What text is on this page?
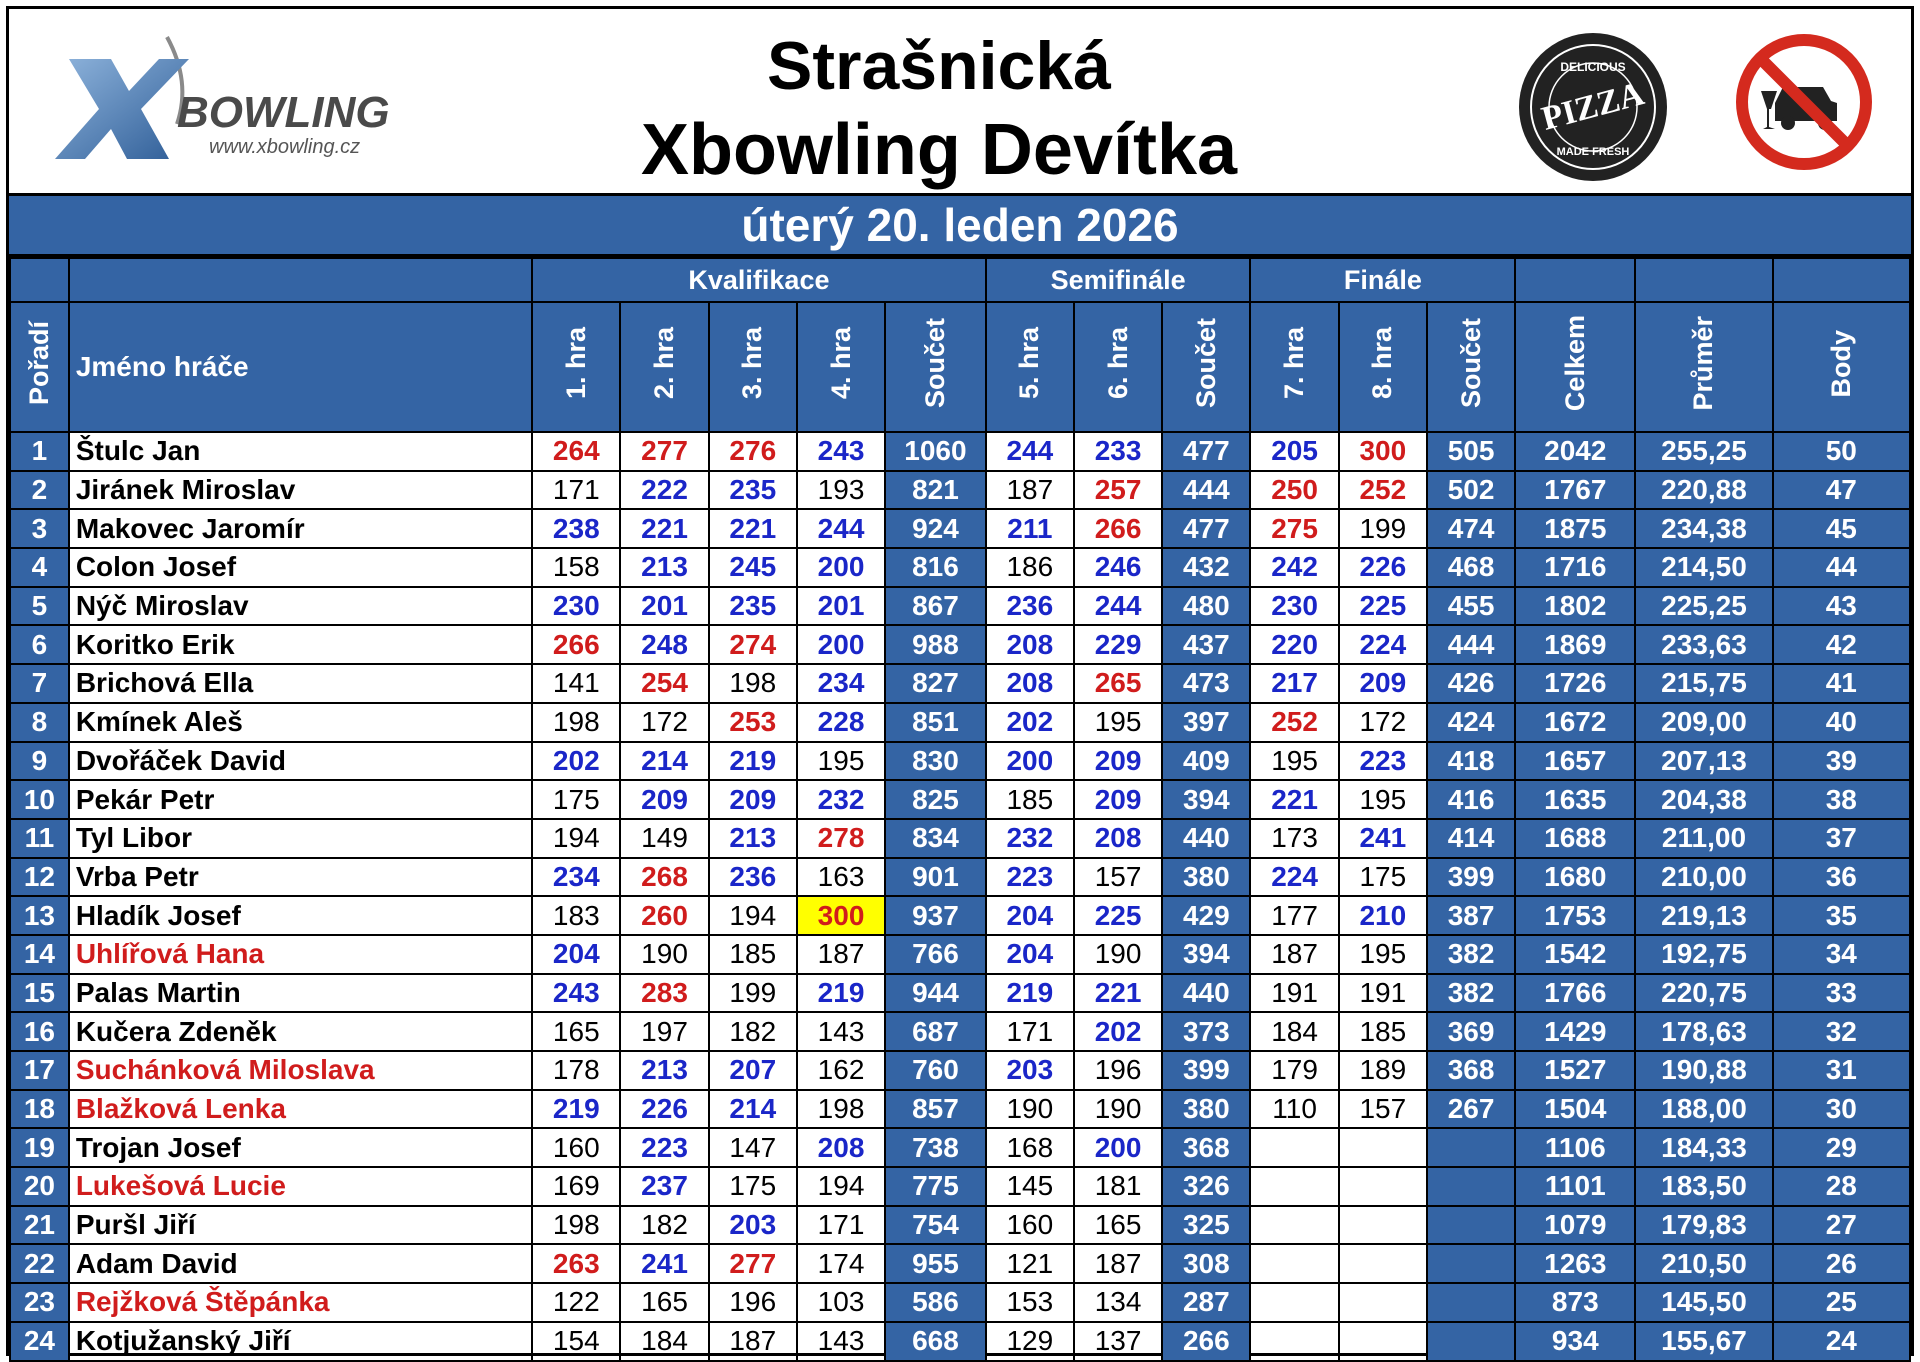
BOWLING
www.xbowling.cz
Strašnická
Xbowling Devítka
PIZZA
DELICIOUS
MADE FRESH
úterý 20. leden 2026
		Kvalifikace					Semifinále			Finále					
Pořadí	Jméno hráče	1. hra	2. hra	3. hra	4. hra	Součet	5. hra	6. hra	Součet	7. hra	8. hra	Součet	Celkem	Průměr	Body
1	Štulc Jan	264	277	276	243	1060	244	233	477	205	300	505	2042	255,25	50
2	Jiránek Miroslav	171	222	235	193	821	187	257	444	250	252	502	1767	220,88	47
3	Makovec Jaromír	238	221	221	244	924	211	266	477	275	199	474	1875	234,38	45
4	Colon Josef	158	213	245	200	816	186	246	432	242	226	468	1716	214,50	44
5	Nýč Miroslav	230	201	235	201	867	236	244	480	230	225	455	1802	225,25	43
6	Koritko Erik	266	248	274	200	988	208	229	437	220	224	444	1869	233,63	42
7	Brichová Ella	141	254	198	234	827	208	265	473	217	209	426	1726	215,75	41
8	Kmínek Aleš	198	172	253	228	851	202	195	397	252	172	424	1672	209,00	40
9	Dvořáček David	202	214	219	195	830	200	209	409	195	223	418	1657	207,13	39
10	Pekár Petr	175	209	209	232	825	185	209	394	221	195	416	1635	204,38	38
11	Tyl Libor	194	149	213	278	834	232	208	440	173	241	414	1688	211,00	37
12	Vrba Petr	234	268	236	163	901	223	157	380	224	175	399	1680	210,00	36
13	Hladík Josef	183	260	194	300	937	204	225	429	177	210	387	1753	219,13	35
14	Uhlířová Hana	204	190	185	187	766	204	190	394	187	195	382	1542	192,75	34
15	Palas Martin	243	283	199	219	944	219	221	440	191	191	382	1766	220,75	33
16	Kučera Zdeněk	165	197	182	143	687	171	202	373	184	185	369	1429	178,63	32
17	Suchánková Miloslava	178	213	207	162	760	203	196	399	179	189	368	1527	190,88	31
18	Blažková Lenka	219	226	214	198	857	190	190	380	110	157	267	1504	188,00	30
19	Trojan Josef	160	223	147	208	738	168	200	368				1106	184,33	29
20	Lukešová Lucie	169	237	175	194	775	145	181	326				1101	183,50	28
21	Puršl Jiří	198	182	203	171	754	160	165	325				1079	179,83	27
22	Adam David	263	241	277	174	955	121	187	308				1263	210,50	26
23	Rejžková Štěpánka	122	165	196	103	586	153	134	287				873	145,50	25
24	Kotjužanský Jiří	154	184	187	143	668	129	137	266				934	155,67	24
